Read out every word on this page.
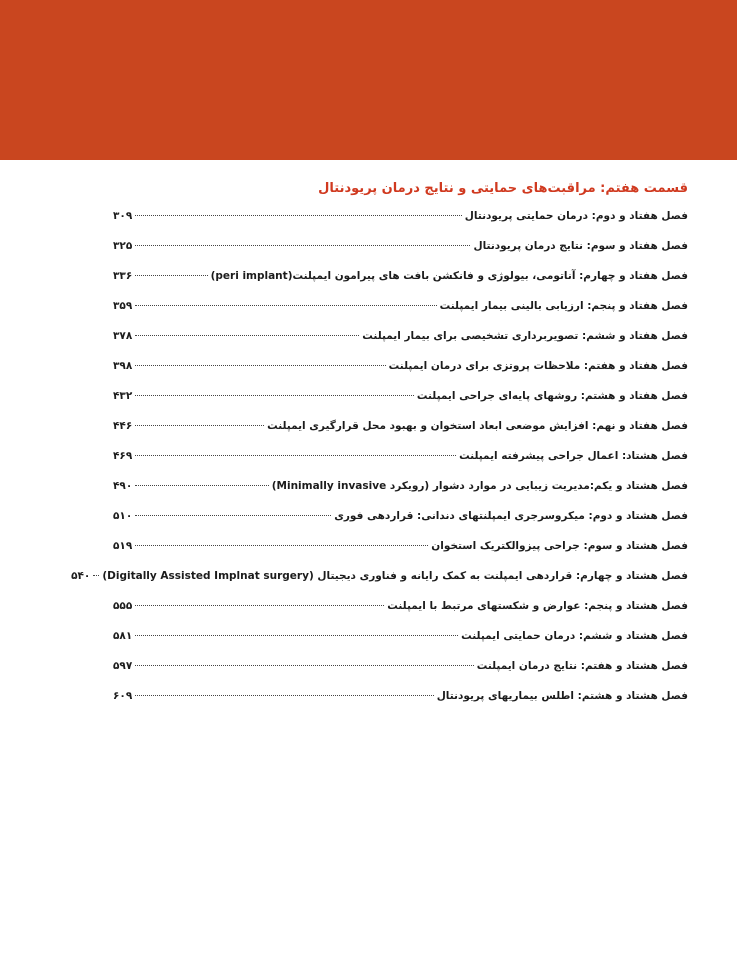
قسمت هفتم: مراقبت‌های حمایتی و نتایج درمان پریودنتال
فصل هفتاد و دوم: درمان حمایتی پریودنتال
۳۰۹
فصل هفتاد و سوم: نتایج درمان پریودنتال
۳۲۵
فصل هفتاد و چهارم: آناتومی، بیولوژی و فانکشن بافت های پیرامون ایمپلنت(peri implant)
۳۳۶
فصل هفتاد و پنجم: ارزیابی بالینی بیمار ایمپلنت
۳۵۹
فصل هفتاد و ششم: تصویربرداری تشخیصی برای بیمار ایمپلنت
۳۷۸
فصل هفتاد و هفتم: ملاحظات پروتزی برای درمان ایمپلنت
۳۹۸
فصل هفتاد و هشتم: روشهای پایه‌ای جراحی ایمپلنت
۴۳۲
فصل هفتاد و نهم: افزایش موضعی ابعاد استخوان و بهبود محل قرارگیری ایمپلنت
۴۴۶
فصل هشتاد: اعمال جراحی پیشرفته ایمپلنت
۴۶۹
فصل هشتاد و یکم:مدیریت زیبایی در موارد دشوار (رویکرد Minimally invasive)
۴۹۰
فصل هشتاد و دوم: میکروسرجری ایمپلنتهای دندانی: قراردهی فوری
۵۱۰
فصل هشتاد و سوم: جراحی پیزوالکتریک استخوان
۵۱۹
فصل هشتاد و چهارم: قراردهی ایمپلنت به کمک رایانه و فناوری دیجیتال (Digitally Assisted Implnat surgery)
۵۴۰
فصل هشتاد و پنجم: عوارض و شکستهای مرتبط با ایمپلنت
۵۵۵
فصل هشتاد و ششم: درمان حمایتی ایمپلنت
۵۸۱
فصل هشتاد و هفتم: نتایج درمان ایمپلنت
۵۹۷
فصل هشتاد و هشتم: اطلس بیماریهای پریودنتال
۶۰۹
